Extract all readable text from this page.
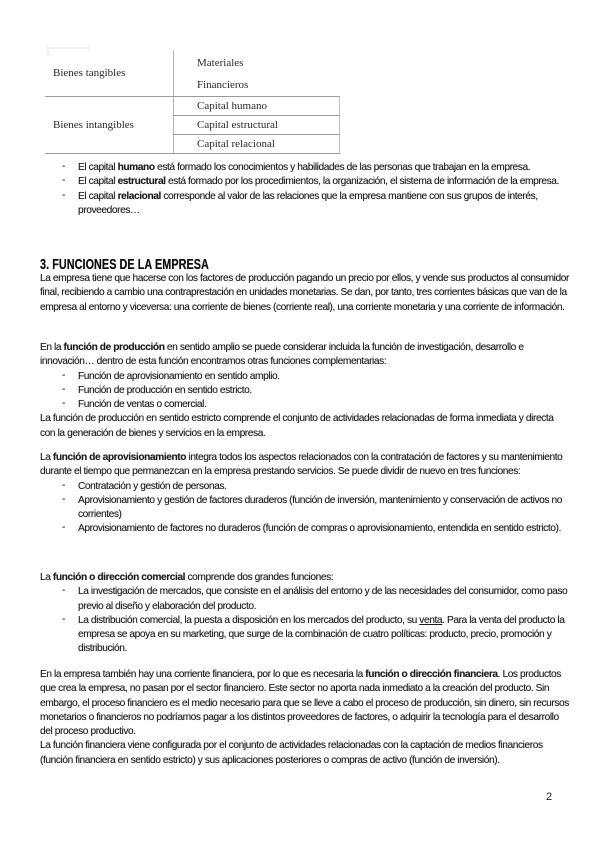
Bienes tangibles
Bienes intangibles
Materiales
Financieros
Capital humano
Capital estructural
Capital relacional
- El capital humano está formado los conocimientos y habilidades de las personas que trabajan en la empresa.
- El capital estructural está formado por los procedimientos, la organización, el sistema de información de la empresa.
- El capital relacional corresponde al valor de las relaciones que la empresa mantiene con sus grupos de interés, proveedores…
3. FUNCIONES DE LA EMPRESA

La empresa tiene que hacerse con los factores de producción pagando un precio por ellos, y vende sus productos al consumidor final, recibiendo a cambio una contraprestación en unidades monetarias. Se dan, por tanto, tres corrientes básicas que van de la empresa al entorno y viceversa: una corriente de bienes (corriente real), una corriente monetaria y una corriente de información.

En la función de producción en sentido amplio se puede considerar incluida la función de investigación, desarrollo e innovación… dentro de esta función encontramos otras funciones complementarias:

- Función de aprovisionamiento en sentido amplio.
- Función de producción en sentido estricto.
- Función de ventas o comercial.

La función de producción en sentido estricto comprende el conjunto de actividades relacionadas de forma inmediata y directa con la generación de bienes y servicios en la empresa.

La función de aprovisionamiento integra todos los aspectos relacionados con la contratación de factores y su mantenimiento durante el tiempo que permanezcan en la empresa prestando servicios. Se puede dividir de nuevo en tres funciones:

- Contratación y gestión de personas.
- Aprovisionamiento y gestión de factores duraderos (función de inversión, mantenimiento y conservación de activos no corrientes)
- Aprovisionamiento de factores no duraderos (función de compras o aprovisionamiento, entendida en sentido estricto).

La función o dirección comercial comprende dos grandes funciones:

- La investigación de mercados, que consiste en el análisis del entorno y de las necesidades del consumidor, como paso previo al diseño y elaboración del producto.
- La distribución comercial, la puesta a disposición en los mercados del producto, su venta. Para la venta del producto la empresa se apoya en su marketing, que surge de la combinación de cuatro políticas: producto, precio, promoción y distribución.

En la empresa también hay una corriente financiera, por lo que es necesaria la función o dirección financiera. Los productos que crea la empresa, no pasan por el sector financiero. Este sector no aporta nada inmediato a la creación del producto. Sin embargo, el proceso financiero es el medio necesario para que se lleve a cabo el proceso de producción, sin dinero, sin recursos monetarios o financieros no podríamos pagar a los distintos proveedores de factores, o adquirir la tecnología para el desarrollo del proceso productivo.

La función financiera viene configurada por el conjunto de actividades relacionadas con la captación de medios financieros (función financiera en sentido estricto) y sus aplicaciones posteriores o compras de activo (función de inversión).

2
